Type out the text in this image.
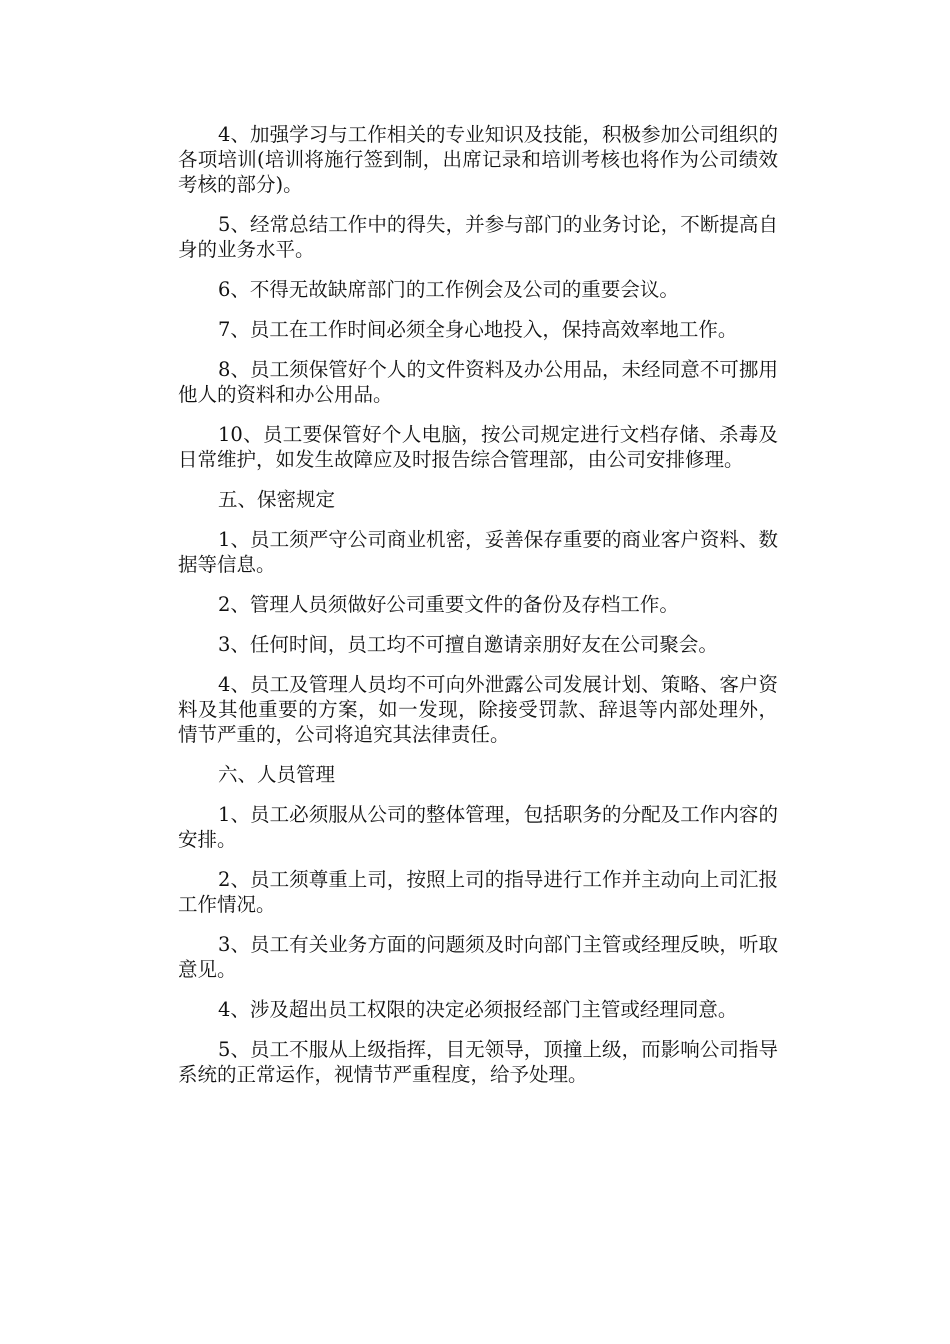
4、加强学习与工作相关的专业知识及技能，积极参加公司组织的各项培训(培训将施行签到制，出席记录和培训考核也将作为公司绩效考核的部分)。

5、经常总结工作中的得失，并参与部门的业务讨论，不断提高自身的业务水平。

6、不得无故缺席部门的工作例会及公司的重要会议。

7、员工在工作时间必须全身心地投入，保持高效率地工作。

8、员工须保管好个人的文件资料及办公用品，未经同意不可挪用他人的资料和办公用品。

10、员工要保管好个人电脑，按公司规定进行文档存储、杀毒及日常维护，如发生故障应及时报告综合管理部，由公司安排修理。

五、保密规定

1、员工须严守公司商业机密，妥善保存重要的商业客户资料、数据等信息。

2、管理人员须做好公司重要文件的备份及存档工作。

3、任何时间，员工均不可擅自邀请亲朋好友在公司聚会。

4、员工及管理人员均不可向外泄露公司发展计划、策略、客户资料及其他重要的方案，如一发现，除接受罚款、辞退等内部处理外，情节严重的，公司将追究其法律责任。

六、人员管理

1、员工必须服从公司的整体管理，包括职务的分配及工作内容的安排。

2、员工须尊重上司，按照上司的指导进行工作并主动向上司汇报工作情况。

3、员工有关业务方面的问题须及时向部门主管或经理反映，听取意见。

4、涉及超出员工权限的决定必须报经部门主管或经理同意。

5、员工不服从上级指挥，目无领导，顶撞上级，而影响公司指导系统的正常运作，视情节严重程度，给予处理。
